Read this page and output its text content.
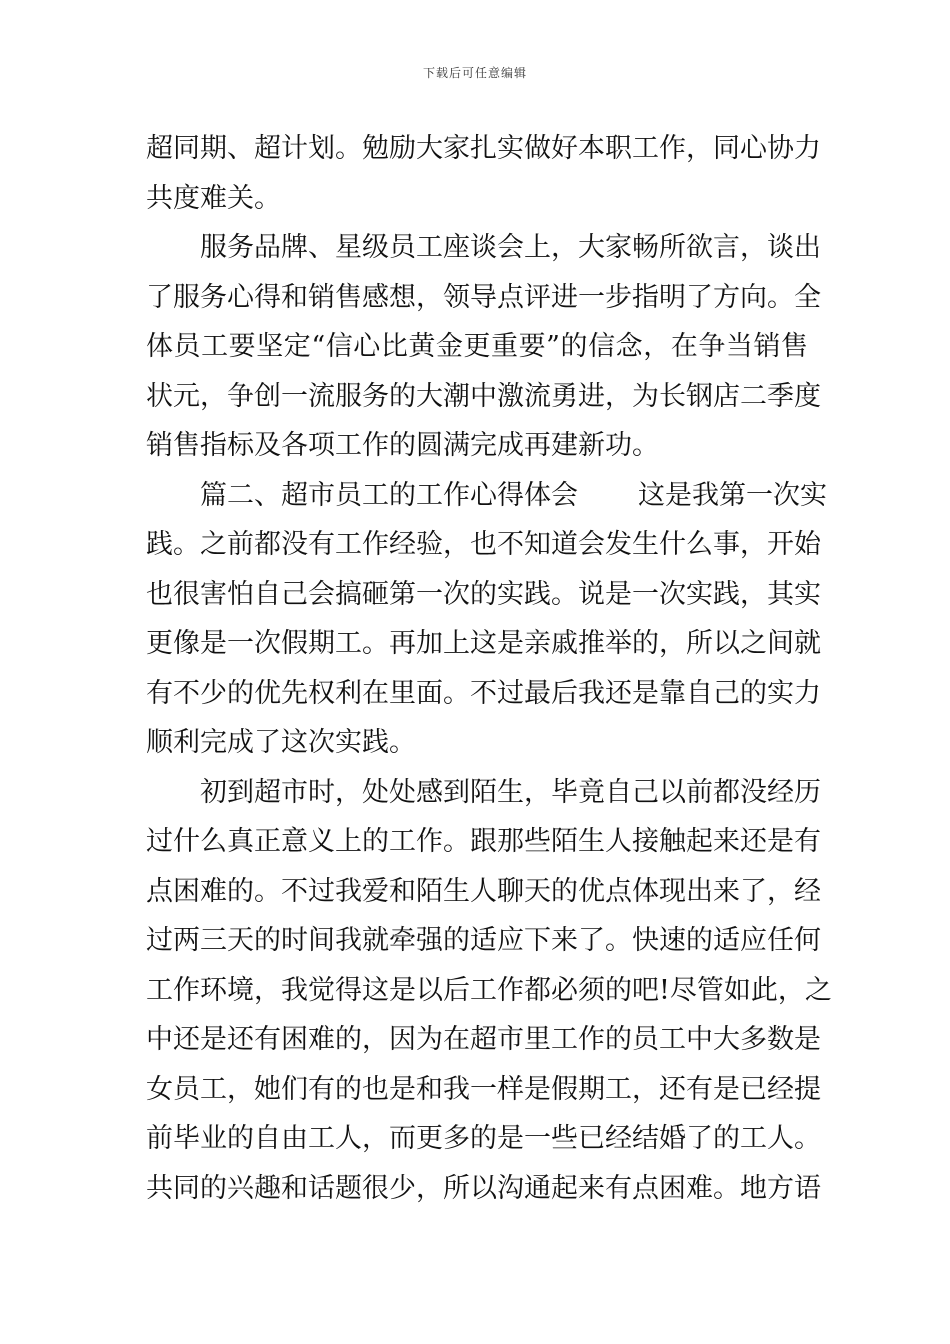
下载后可任意编辑
超同期、超计划。勉励大家扎实做好本职工作，同心协力
共度难关。
服务品牌、星级员工座谈会上，大家畅所欲言，谈出
了服务心得和销售感想，领导点评进一步指明了方向。全
体员工要坚定“信心比黄金更重要”的信念，在争当销售
状元，争创一流服务的大潮中激流勇进，为长钢店二季度
销售指标及各项工作的圆满完成再建新功。
篇二、超市员工的工作心得体会 这是我第一次实
践。之前都没有工作经验，也不知道会发生什么事，开始
也很害怕自己会搞砸第一次的实践。说是一次实践，其实
更像是一次假期工。再加上这是亲戚推举的，所以之间就
有不少的优先权利在里面。不过最后我还是靠自己的实力
顺利完成了这次实践。
初到超市时，处处感到陌生，毕竟自己以前都没经历
过什么真正意义上的工作。跟那些陌生人接触起来还是有
点困难的。不过我爱和陌生人聊天的优点体现出来了，经
过两三天的时间我就牵强的适应下来了。快速的适应任何
工作环境，我觉得这是以后工作都必须的吧!尽管如此，之
中还是还有困难的，因为在超市里工作的员工中大多数是
女员工，她们有的也是和我一样是假期工，还有是已经提
前毕业的自由工人，而更多的是一些已经结婚了的工人。
共同的兴趣和话题很少，所以沟通起来有点困难。地方语
